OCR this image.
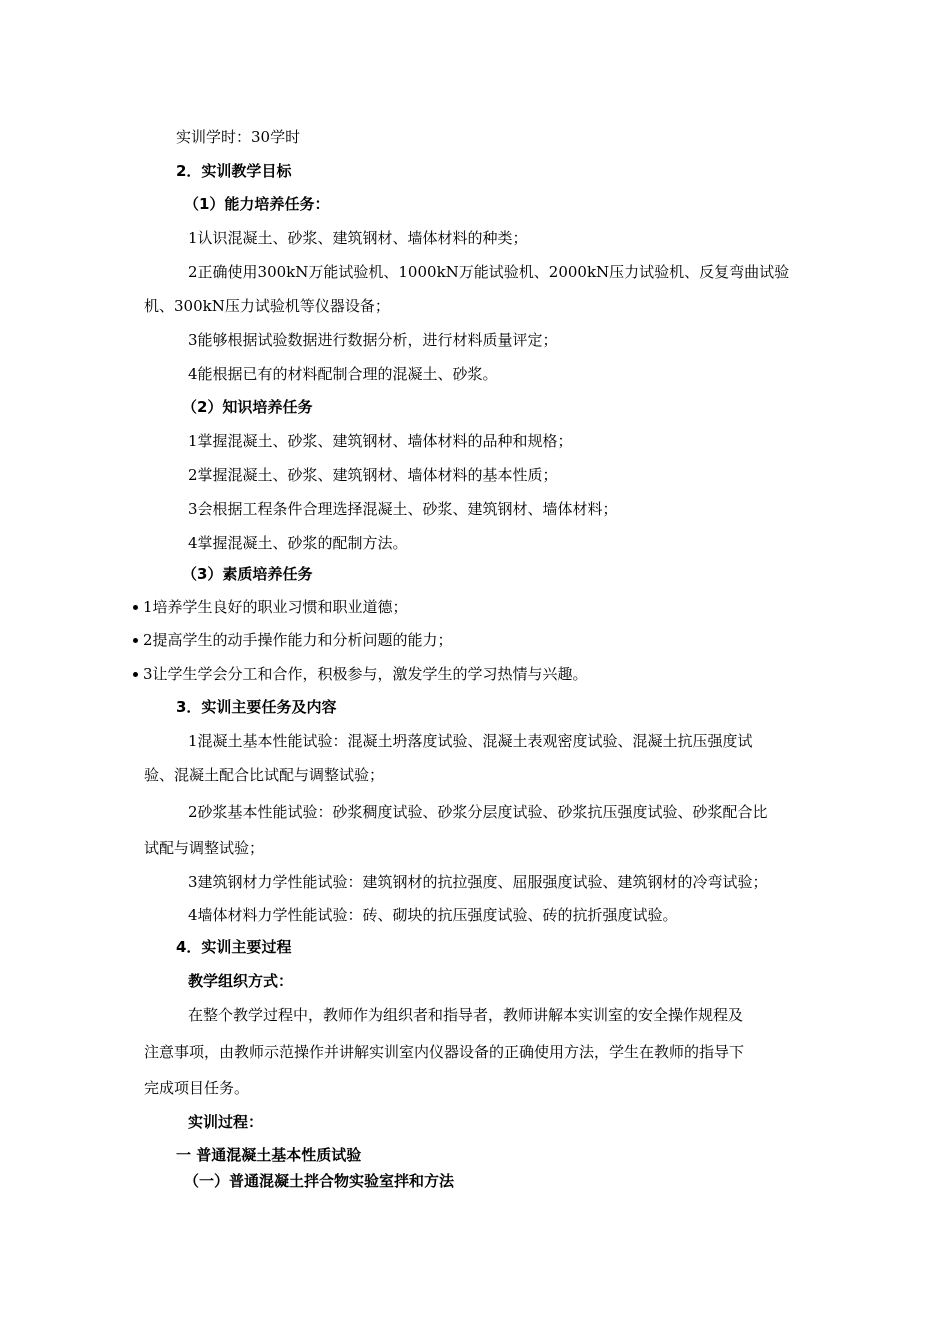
实训学时：30学时
2．实训教学目标
（1）能力培养任务：
1认识混凝土、砂浆、建筑钢材、墙体材料的种类；
2正确使用300kN万能试验机、1000kN万能试验机、2000kN压力试验机、反复弯曲试验
机、300kN压力试验机等仪器设备；
3能够根据试验数据进行数据分析，进行材料质量评定；
4能根据已有的材料配制合理的混凝土、砂浆。
（2）知识培养任务
1掌握混凝土、砂浆、建筑钢材、墙体材料的品种和规格；
2掌握混凝土、砂浆、建筑钢材、墙体材料的基本性质；
3会根据工程条件合理选择混凝土、砂浆、建筑钢材、墙体材料；
4掌握混凝土、砂浆的配制方法。
（3）素质培养任务
1培养学生良好的职业习惯和职业道德；
2提高学生的动手操作能力和分析问题的能力；
3让学生学会分工和合作，积极参与，激发学生的学习热情与兴趣。
3．实训主要任务及内容
1混凝土基本性能试验：混凝土坍落度试验、混凝土表观密度试验、混凝土抗压强度试
验、混凝土配合比试配与调整试验；
2砂浆基本性能试验：砂浆稠度试验、砂浆分层度试验、砂浆抗压强度试验、砂浆配合比
试配与调整试验；
3建筑钢材力学性能试验：建筑钢材的抗拉强度、屈服强度试验、建筑钢材的冷弯试验；
4墙体材料力学性能试验：砖、砌块的抗压强度试验、砖的抗折强度试验。
4．实训主要过程
教学组织方式：
在整个教学过程中，教师作为组织者和指导者，教师讲解本实训室的安全操作规程及
注意事项，由教师示范操作并讲解实训室内仪器设备的正确使用方法，学生在教师的指导下
完成项目任务。
实训过程：
一 普通混凝土基本性质试验
（一）普通混凝土拌合物实验室拌和方法
